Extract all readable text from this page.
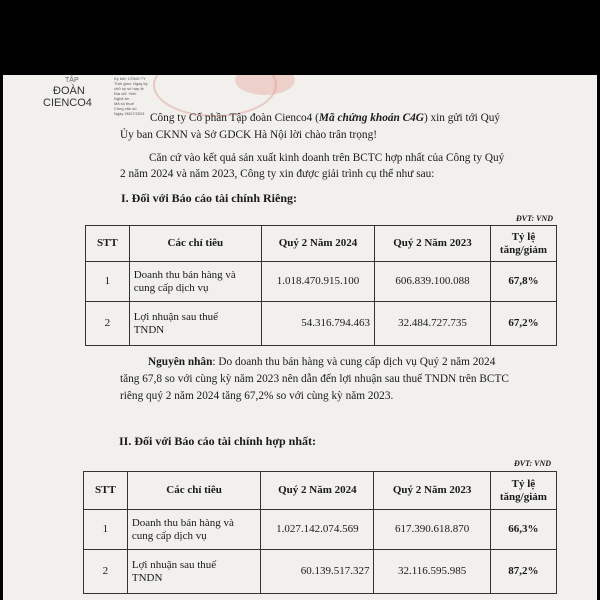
TẬP
ĐOÀN
CIENCO4
Ký bởi: CÔNG TY
Thời gian: Ngày ký
chữ ký số hợp lệ
Địa chỉ: Vinh
Nghệ An
Mã số thuế
Công văn số
Ngày 26/07/2024 Công ty Cổ phần Tập đoàn Cienco4 (Mã chứng khoán C4G) xin gửi tới Quý
Ủy ban CKNN và Sở GDCK Hà Nội lời chào trân trọng!
Căn cứ vào kết quả sản xuất kinh doanh trên BCTC hợp nhất của Công ty Quý
2 năm 2024 và năm 2023, Công ty xin được giải trình cụ thể như sau:
I. Đối với Báo cáo tài chính Riêng:
ĐVT: VND
STT	Các chỉ tiêu	Quý 2 Năm 2024	Quý 2 Năm 2023	Tỷ lệ
tăng/giảm

1	Doanh thu bán hàng và
cung cấp dịch vụ	1.018.470.915.100	606.839.100.088	67,8%
2	Lợi nhuận sau thuế
TNDN	54.316.794.463	32.484.727.735	67,2%
Nguyên nhân: Do doanh thu bán hàng và cung cấp dịch vụ Quý 2 năm 2024
tăng 67,8 so với cùng kỳ năm 2023 nên dẫn đến lợi nhuận sau thuế TNDN trên BCTC
riêng quý 2 năm 2024 tăng 67,2% so với cùng kỳ năm 2023.
II. Đối với Báo cáo tài chính hợp nhất:
ĐVT: VND
STT	Các chỉ tiêu	Quý 2 Năm 2024	Quý 2 Năm 2023	Tỷ lệ
tăng/giảm

1	Doanh thu bán hàng và
cung cấp dịch vụ	1.027.142.074.569	617.390.618.870	66,3%
2	Lợi nhuận sau thuế
TNDN	60.139.517.327	32.116.595.985	87,2%
